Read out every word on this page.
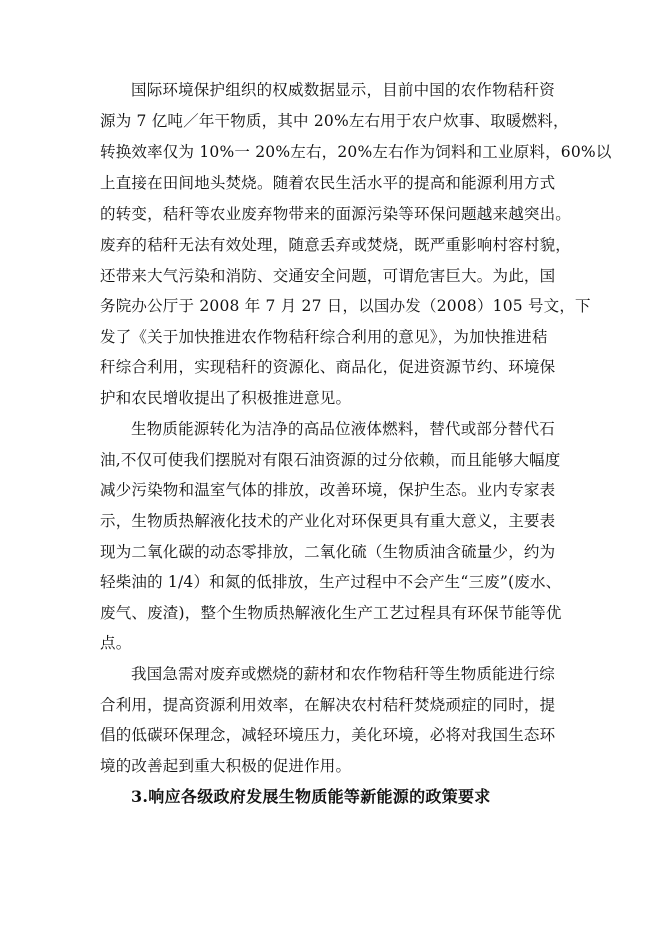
国际环境保护组织的权威数据显示，目前中国的农作物秸秆资
源为 7 亿吨／年干物质，其中 20%左右用于农户炊事、取暖燃料，
转换效率仅为 10%一 20%左右，20%左右作为饲料和工业原料，60%以
上直接在田间地头焚烧。随着农民生活水平的提高和能源利用方式
的转变，秸秆等农业废弃物带来的面源污染等环保问题越来越突出。
废弃的秸秆无法有效处理，随意丢弃或焚烧，既严重影响村容村貌，
还带来大气污染和消防、交通安全问题，可谓危害巨大。为此，国
务院办公厅于 2008 年 7 月 27 日，以国办发（2008）105 号文，下
发了《关于加快推进农作物秸秆综合利用的意见》，为加快推进秸
秆综合利用，实现秸秆的资源化、商品化，促进资源节约、环境保
护和农民增收提出了积极推进意见。
生物质能源转化为洁净的高品位液体燃料，替代或部分替代石
油,不仅可使我们摆脱对有限石油资源的过分依赖，而且能够大幅度
减少污染物和温室气体的排放，改善环境，保护生态。业内专家表
示，生物质热解液化技术的产业化对环保更具有重大意义，主要表
现为二氧化碳的动态零排放，二氧化硫（生物质油含硫量少，约为
轻柴油的 1/4）和氮的低排放，生产过程中不会产生“三废”(废水、
废气、废渣)，整个生物质热解液化生产工艺过程具有环保节能等优
点。
我国急需对废弃或燃烧的薪材和农作物秸秆等生物质能进行综
合利用，提高资源利用效率，在解决农村秸秆焚烧顽症的同时，提
倡的低碳环保理念，减轻环境压力，美化环境，必将对我国生态环
境的改善起到重大积极的促进作用。
3.响应各级政府发展生物质能等新能源的政策要求
